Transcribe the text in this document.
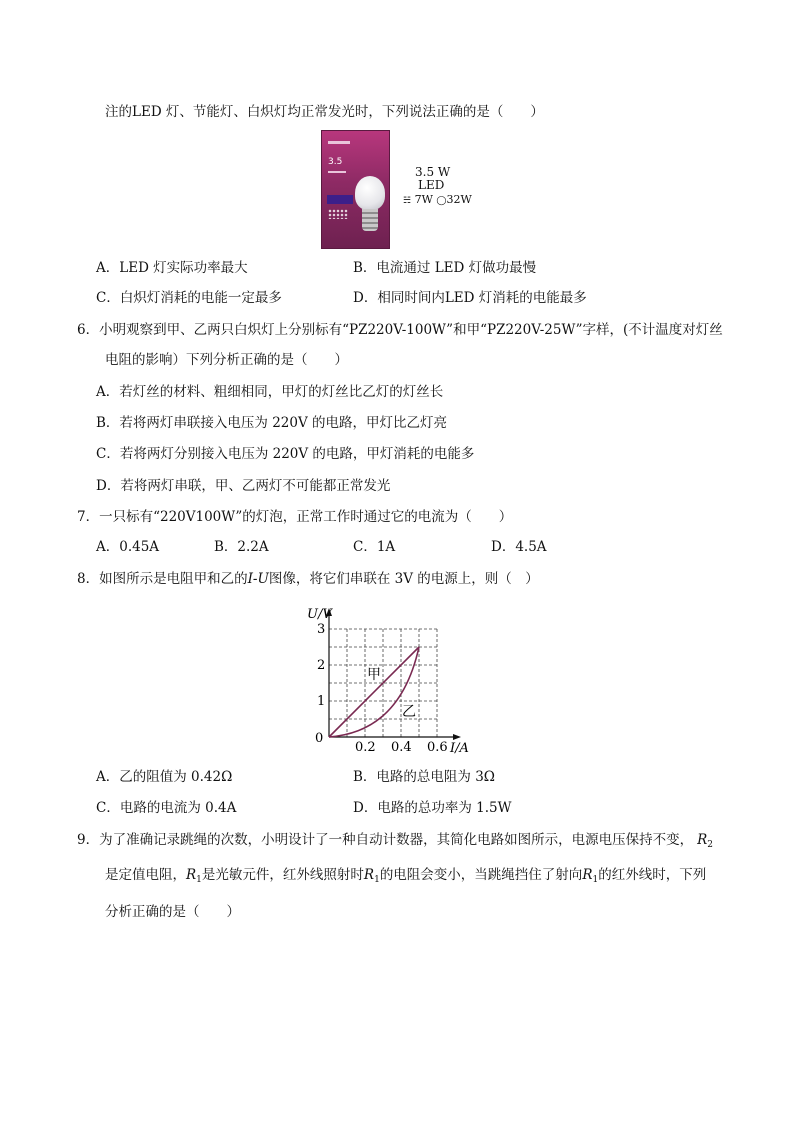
注的LED 灯、节能灯、白炽灯均正常发光时，下列说法正确的是（　　）
3.5
3.5 W
LED
☵ 7W ◯32W
A．LED 灯实际功率最大	B．电流通过 LED 灯做功最慢
C．白炽灯消耗的电能一定最多	D．相同时间内LED 灯消耗的电能最多
6．小明观察到甲、乙两只白炽灯上分别标有“PZ220V-100W”和甲“PZ220V-25W”字样，(不计温度对灯丝
电阻的影响）下列分析正确的是（　　）
A．若灯丝的材料、粗细相同，甲灯的灯丝比乙灯的灯丝长
B．若将两灯串联接入电压为 220V 的电路，甲灯比乙灯亮
C．若将两灯分别接入电压为 220V 的电路，甲灯消耗的电能多
D．若将两灯串联，甲、乙两灯不可能都正常发光
7．一只标有“220V100W”的灯泡，正常工作时通过它的电流为（　　）
A．0.45A	B．2.2A	C．1A	D．4.5A
8．如图所示是电阻甲和乙的I-U图像，将它们串联在 3V 的电源上，则（　）
U/V
I/A
0
1
2
3
0.2 0.4 0.6
甲
乙
A．乙的阻值为 0.42Ω	B．电路的总电阻为 3Ω
C．电路的电流为 0.4A	D．电路的总功率为 1.5W
9．为了准确记录跳绳的次数，小明设计了一种自动计数器，其简化电路如图所示，电源电压保持不变， $R_2$
是定值电阻，$R_1$是光敏元件，红外线照射时$R_1$的电阻会变小，当跳绳挡住了射向$R_1$的红外线时，下列
分析正确的是（　　）
